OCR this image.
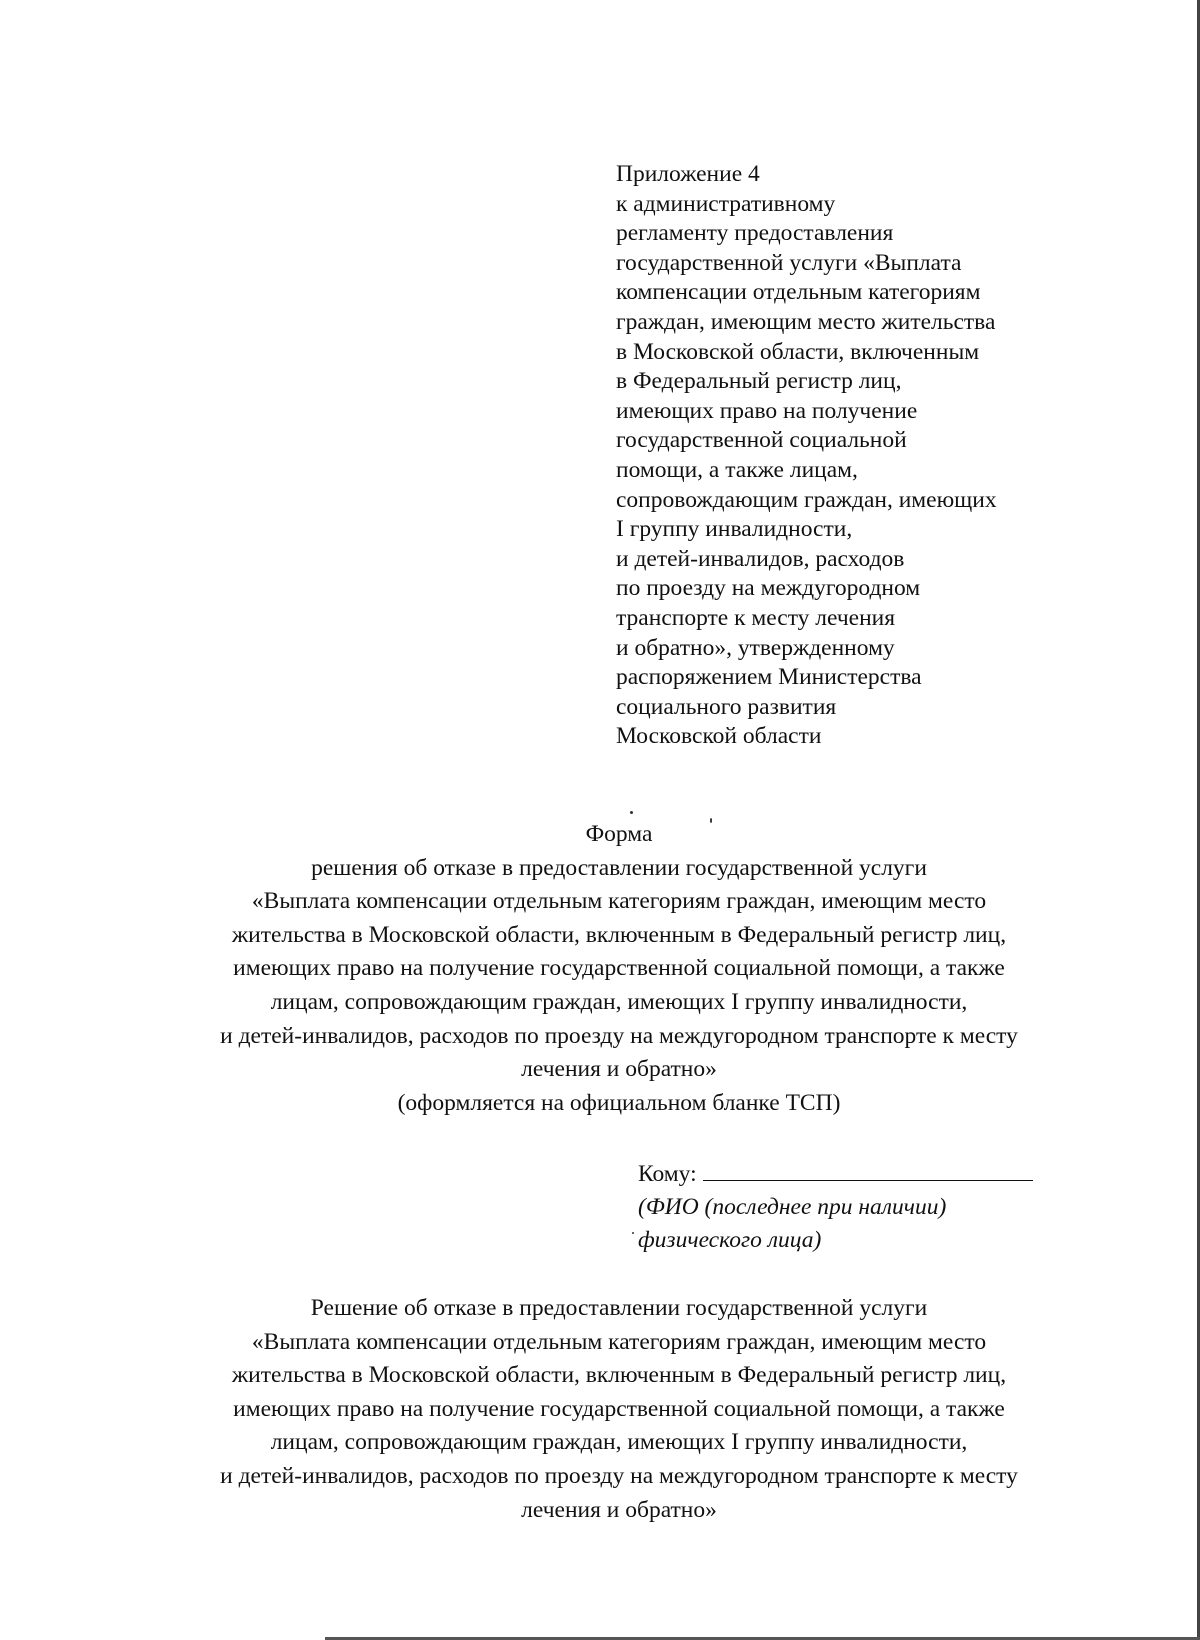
Приложение 4
к административному
регламенту предоставления
государственной услуги «Выплата
компенсации отдельным категориям
граждан, имеющим место жительства
в Московской области, включенным
в Федеральный регистр лиц,
имеющих право на получение
государственной социальной
помощи, а также лицам,
сопровождающим граждан, имеющих
I группу инвалидности,
и детей-инвалидов, расходов
по проезду на междугородном
транспорте к месту лечения
и обратно», утвержденному
распоряжением Министерства
социального развития
Московской области
Форма
решения об отказе в предоставлении государственной услуги
«Выплата компенсации отдельным категориям граждан, имеющим место
жительства в Московской области, включенным в Федеральный регистр лиц,
имеющих право на получение государственной социальной помощи, а также
лицам, сопровождающим граждан, имеющих I группу инвалидности,
и детей-инвалидов, расходов по проезду на междугородном транспорте к месту
лечения и обратно»
(оформляется на официальном бланке ТСП)
Кому:
(ФИО (последнее при наличии)
физического лица)
Решение об отказе в предоставлении государственной услуги
«Выплата компенсации отдельным категориям граждан, имеющим место
жительства в Московской области, включенным в Федеральный регистр лиц,
имеющих право на получение государственной социальной помощи, а также
лицам, сопровождающим граждан, имеющих I группу инвалидности,
и детей-инвалидов, расходов по проезду на междугородном транспорте к месту
лечения и обратно»
